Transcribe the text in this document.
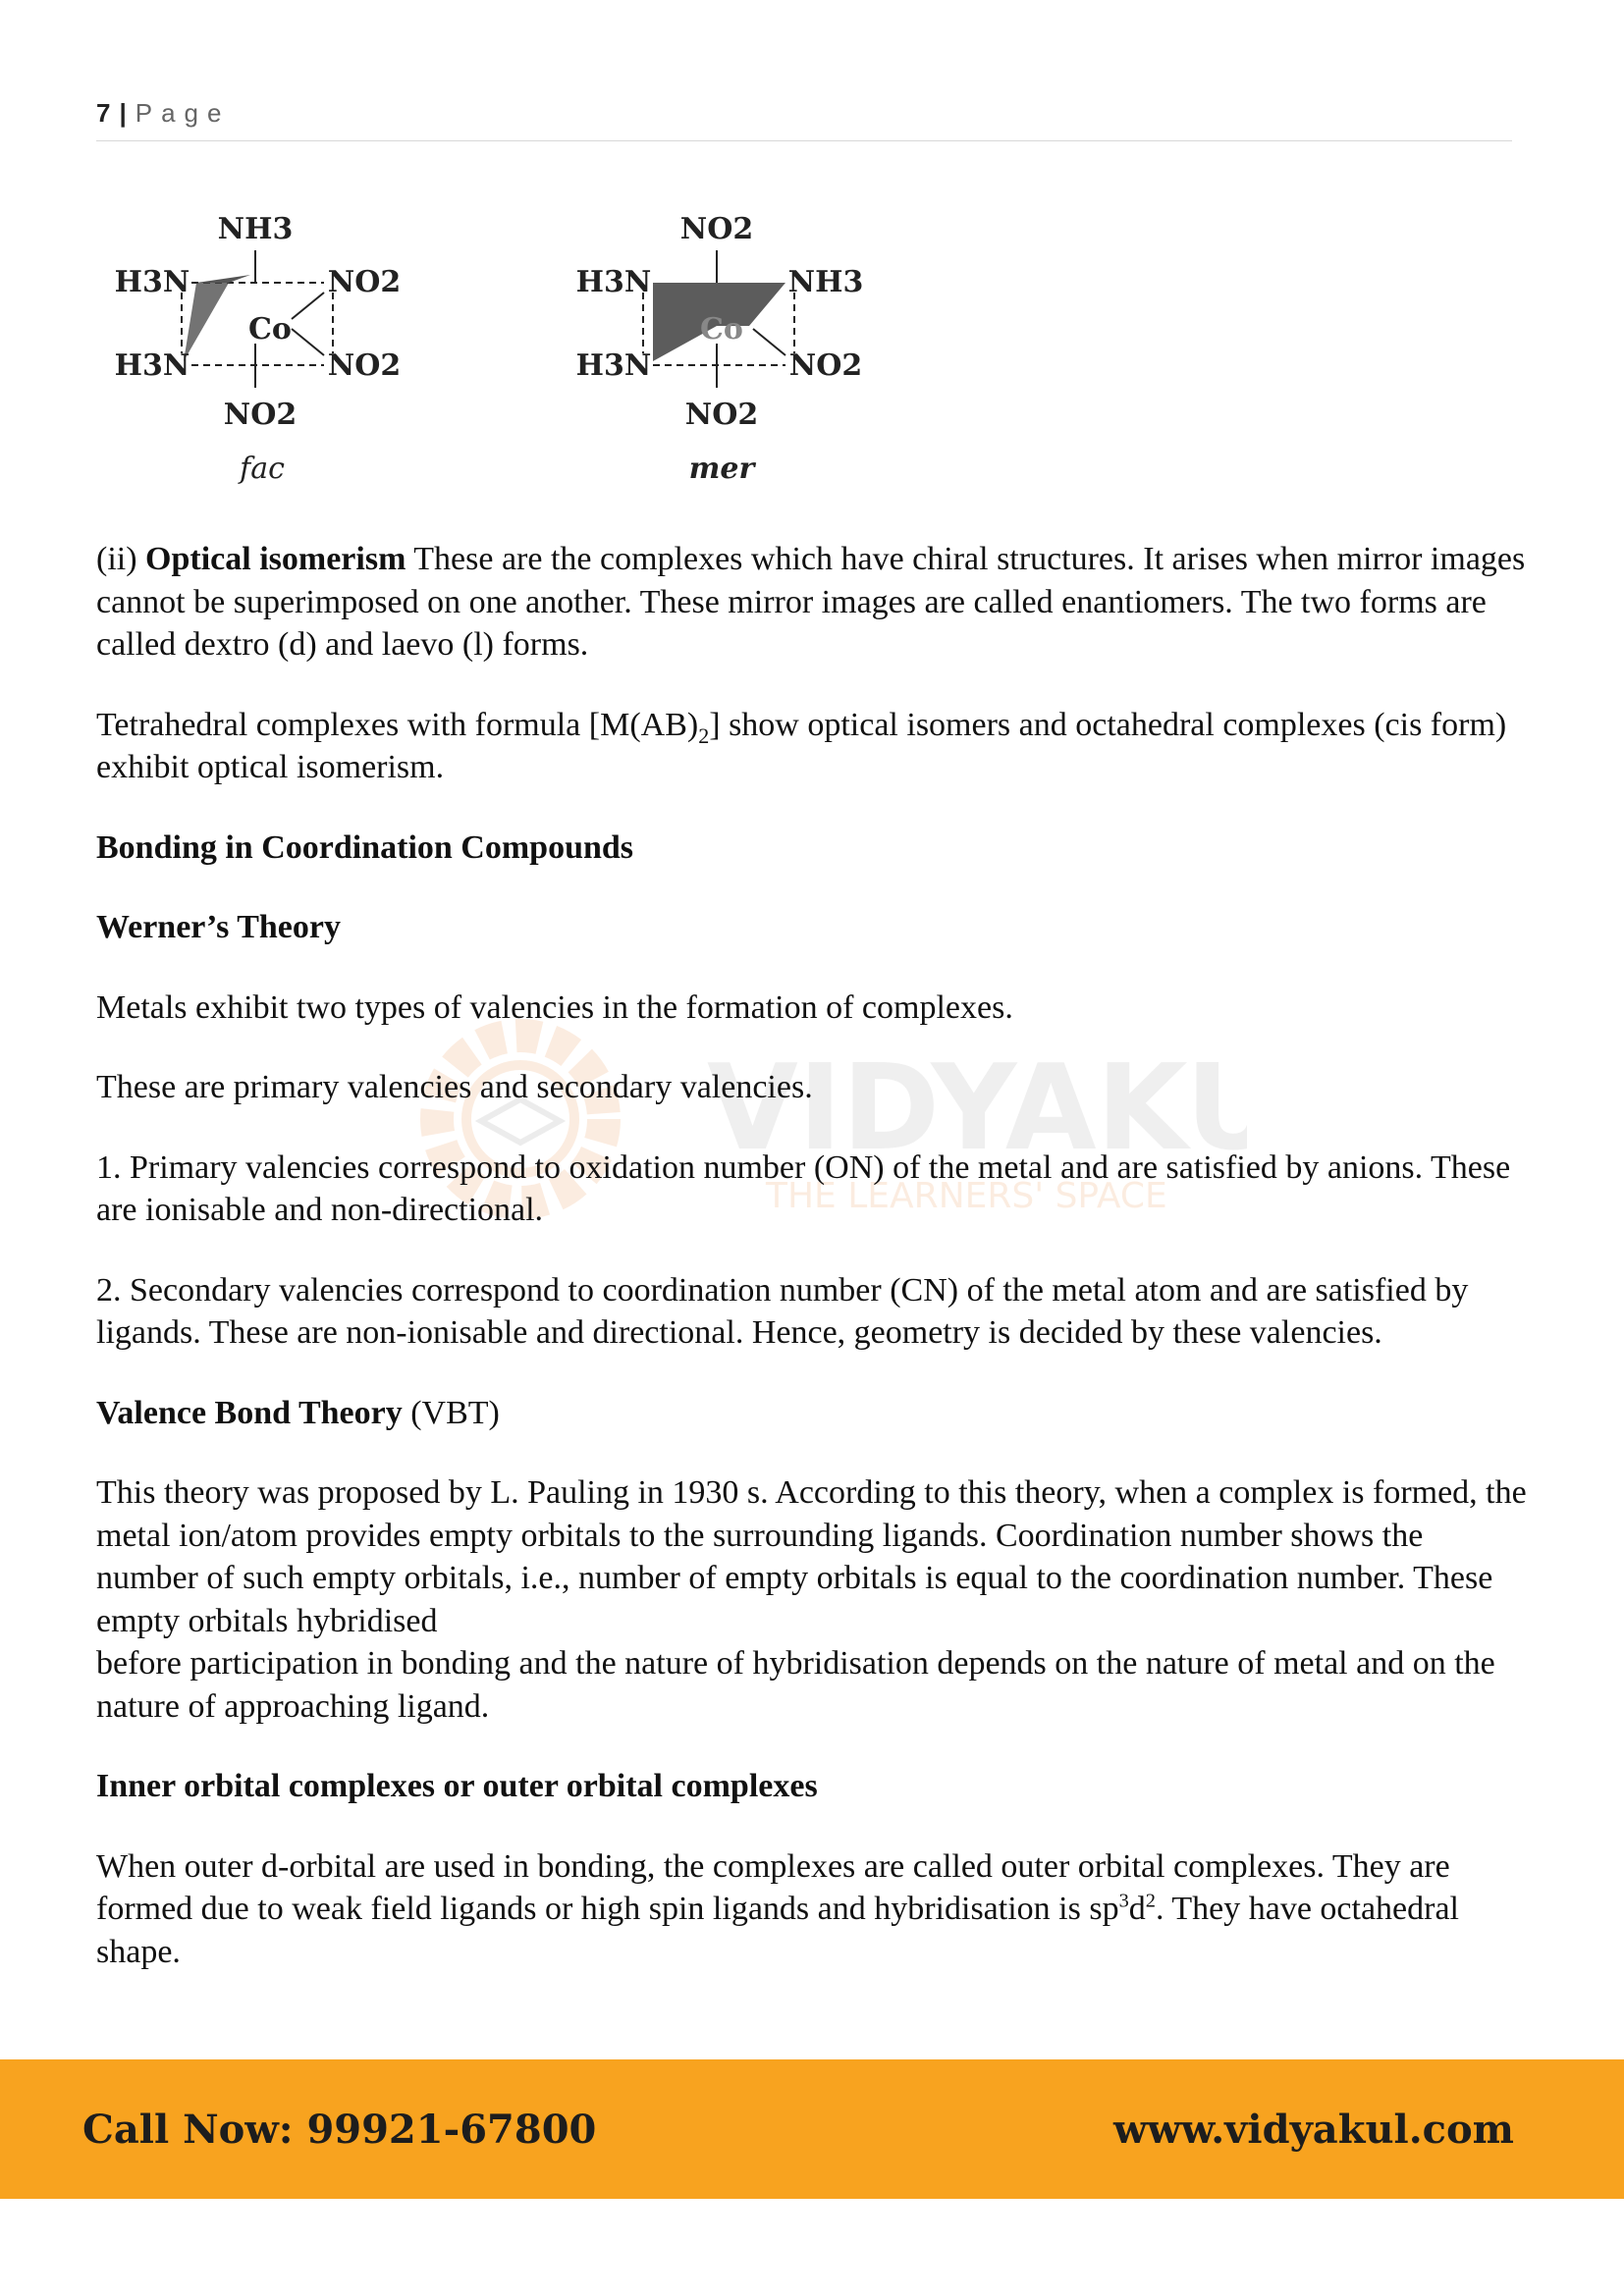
7 | Page
NH3
H3N	NO2
Co
H3N	NO2
NO2
fac
NO2
H3N	NH3
Co
H3N	NO2
NO2
mer
VIDYAKU
THE LEARNERS' SPACE

(ii) Optical isomerism These are the complexes which have chiral structures. It arises when mirror images cannot be superimposed on one another. These mirror images are called enantiomers. The two forms are called dextro (d) and laevo (l) forms.

Tetrahedral complexes with formula $[M(AB)_2]$ show optical isomers and octahedral complexes (cis form) exhibit optical isomerism.

Bonding in Coordination Compounds

Werner’s Theory

Metals exhibit two types of valencies in the formation of complexes.

These are primary valencies and secondary valencies.

1. Primary valencies correspond to oxidation number (ON) of the metal and are satisfied by anions. These are ionisable and non-directional.

2. Secondary valencies correspond to coordination number (CN) of the metal atom and are satisfied by ligands. These are non-ionisable and directional. Hence, geometry is decided by these valencies.

Valence Bond Theory (VBT)

This theory was proposed by L. Pauling in 1930 s. According to this theory, when a complex is formed, the metal ion/atom provides empty orbitals to the surrounding ligands. Coordination number shows the number of such empty orbitals, i.e., number of empty orbitals is equal to the coordination number. These empty orbitals hybridised
before participation in bonding and the nature of hybridisation depends on the nature of metal and on the nature of approaching ligand.

Inner orbital complexes or outer orbital complexes

When outer d-orbital are used in bonding, the complexes are called outer orbital complexes. They are formed due to weak field ligands or high spin ligands and hybridisation is $sp^3d^2$. They have octahedral shape.

Call Now: 99921-67800	www.vidyakul.com
